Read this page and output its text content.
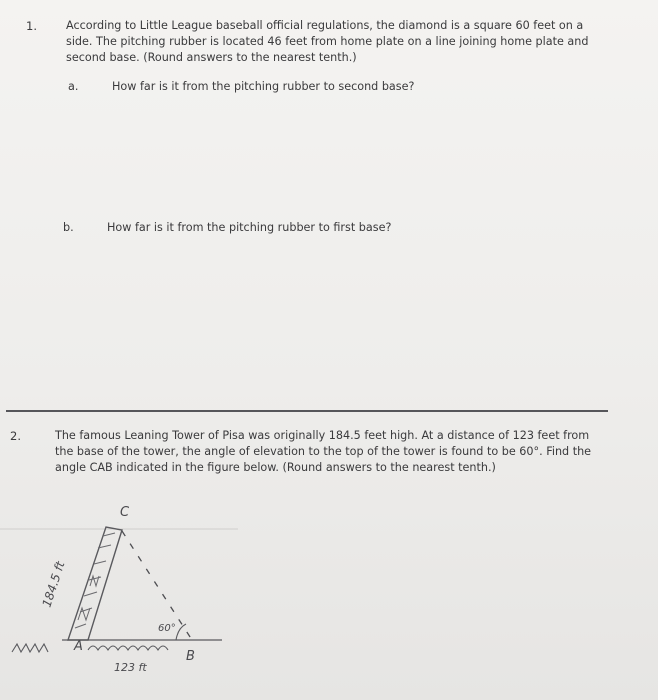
1.	According to Little League baseball official regulations, the diamond is a square 60 feet on a
side. The pitching rubber is located 46 feet from home plate on a line joining home plate and
second base. (Round answers to the nearest tenth.)
a.	How far is it from the pitching rubber to second base?
b.	How far is it from the pitching rubber to first base?
2.	The famous Leaning Tower of Pisa was originally 184.5 feet high. At a distance of 123 feet from
the base of the tower, the angle of elevation to the top of the tower is found to be 60°. Find the
angle CAB indicated in the figure below. (Round answers to the nearest tenth.)
C
A
B
184.5 ft
60°
123 ft
